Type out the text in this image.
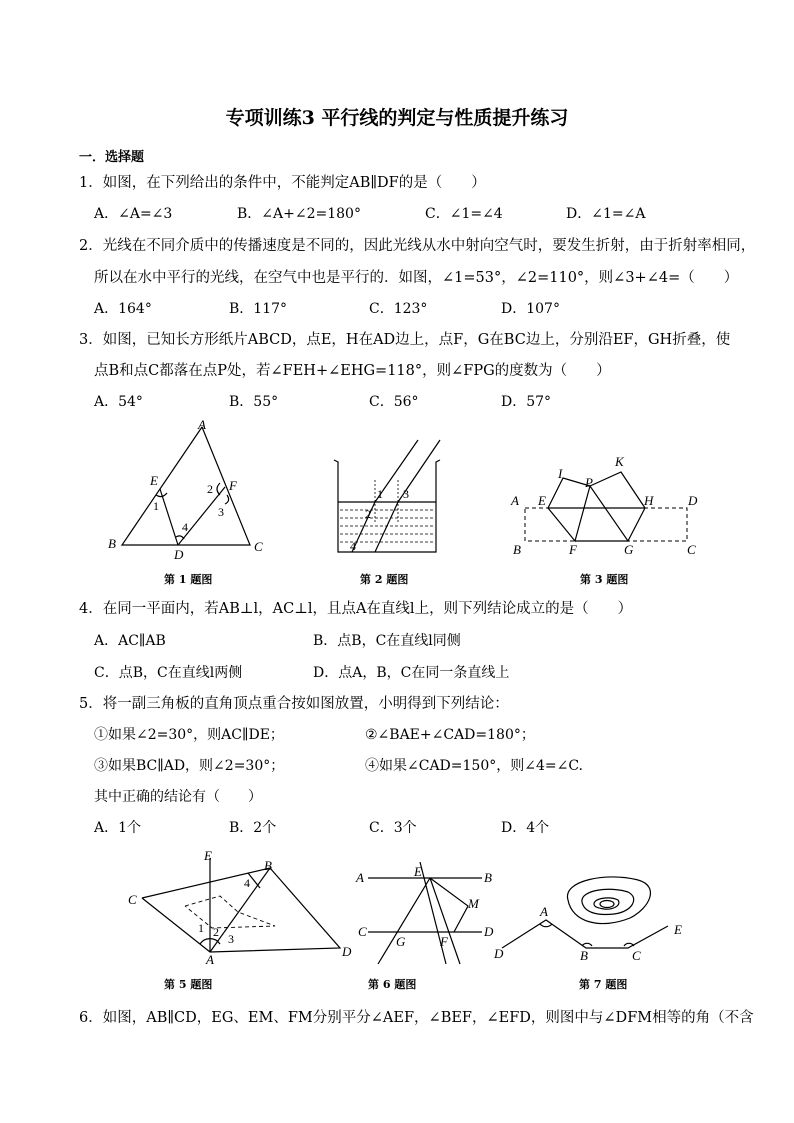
专项训练3 平行线的判定与性质提升练习
一．选择题
1．如图，在下列给出的条件中，不能判定AB∥DF的是（　　）
A．∠A=∠3	B．∠A+∠2=180°	C．∠1=∠4	D．∠1=∠A
2．光线在不同介质中的传播速度是不同的，因此光线从水中射向空气时，要发生折射，由于折射率相同，
所以在水中平行的光线，在空气中也是平行的．如图，∠1=53°，∠2=110°，则∠3+∠4=（　　）
A．164°	B．117°	C．123°	D．107°
3．如图，已知长方形纸片ABCD，点E，H在AD边上，点F，G在BC边上，分别沿EF，GH折叠，使
点B和点C都落在点P处，若∠FEH+∠EHG=118°，则∠FPG的度数为（　　）
A．54°	B．55°	C．56°	D．57°
A
B	C
D
E	F
1
2
3
4
第 1 题图
1
2
3
4
第 2 题图
I
K
P
A E	H	D
B	F	G	C
第 3 题图
4．在同一平面内，若AB⊥l，AC⊥l，且点A在直线l上，则下列结论成立的是（　　）
A．AC∥AB	B．点B，C在直线l同侧
C．点B，C在直线l两侧	D．点A，B，C在同一条直线上
5．将一副三角板的直角顶点重合按如图放置，小明得到下列结论：
①如果∠2=30°，则AC∥DE；	②∠BAE+∠CAD=180°；
③如果BC∥AD，则∠2=30°；	④如果∠CAD=150°，则∠4=∠C.
其中正确的结论有（　　）
A．1个	B．2个	C．3个	D．4个
E
B
C
A
D
1 2 3
4
第 5 题图
A	E	B
M
C
G	F
D
第 6 题图
A
D	B	C
E
第 7 题图
6．如图，AB∥CD，EG、EM、FM分别平分∠AEF，∠BEF，∠EFD，则图中与∠DFM相等的角（不含
